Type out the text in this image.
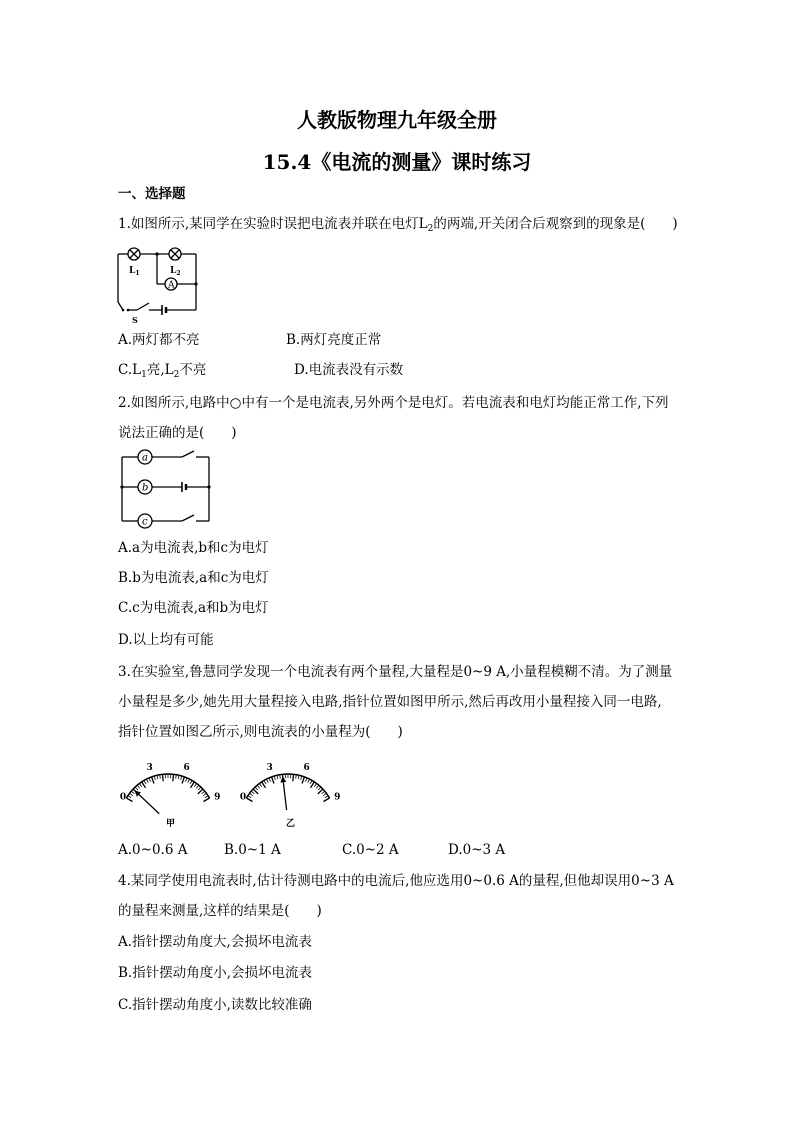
人教版物理九年级全册
15.4《电流的测量》课时练习
一、选择题
1.如图所示,某同学在实验时误把电流表并联在电灯$L_2$的两端,开关闭合后观察到的现象是(　　)
A
$L_1$	$L_2$
S
A.两灯都不亮	B.两灯亮度正常
$C.L_1$亮$,L_2$不亮	D.电流表没有示数
2.如图所示,电路中○中有一个是电流表,另外两个是电灯。若电流表和电灯均能正常工作,下列
说法正确的是(　　)
a
b
c
A.a为电流表,b和c为电灯
B.b为电流表,a和c为电灯
C.c为电流表,a和b为电灯
D.以上均有可能
3.在实验室,鲁慧同学发现一个电流表有两个量程,大量程是0~9 A,小量程模糊不清。为了测量
小量程是多少,她先用大量程接入电路,指针位置如图甲所示,然后再改用小量程接入同一电路,
指针位置如图乙所示,则电流表的小量程为(　　)
0
3	6
9
甲
0
3	6
9
乙
A.0~0.6 A	B.0~1 A	C.0~2 A	D.0~3 A
4.某同学使用电流表时,估计待测电路中的电流后,他应选用0~0.6 A的量程,但他却误用0~3 A
的量程来测量,这样的结果是(　　)
A.指针摆动角度大,会损坏电流表
B.指针摆动角度小,会损坏电流表
C.指针摆动角度小,读数比较准确
